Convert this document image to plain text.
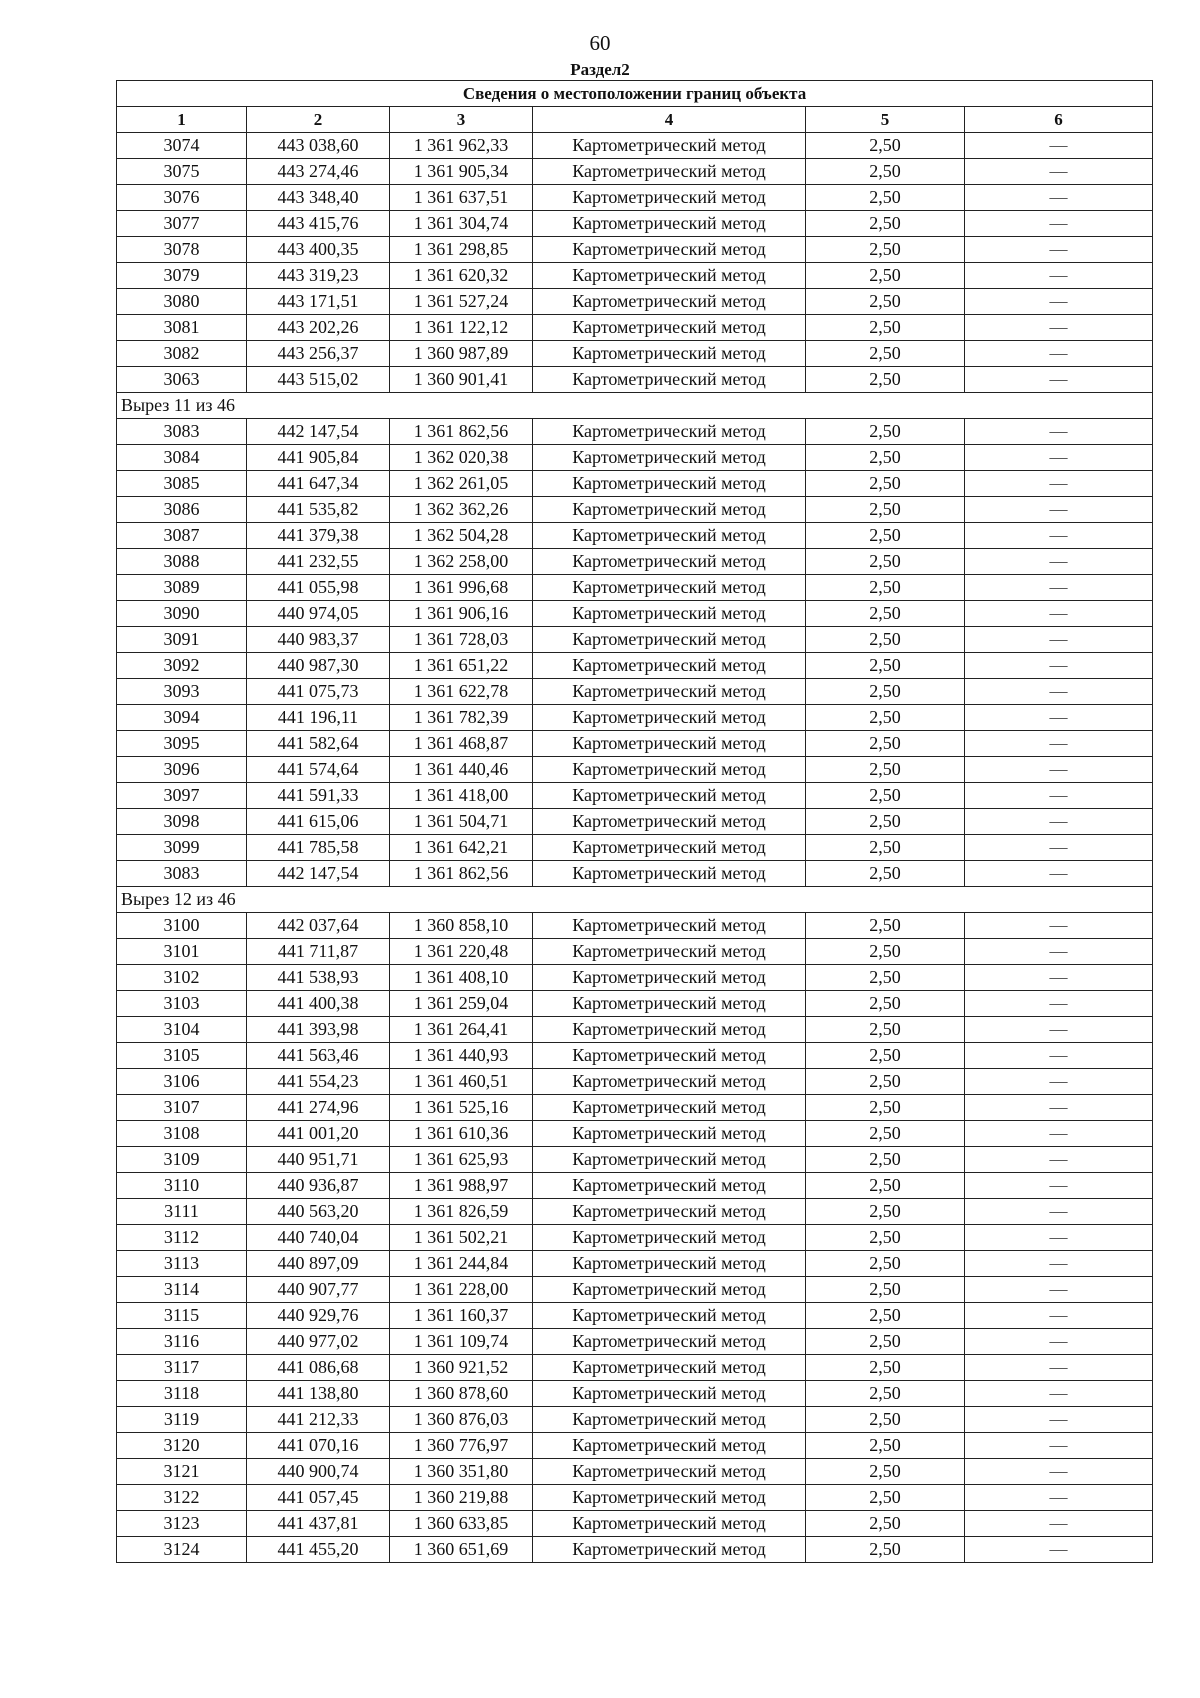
60
Раздел2
Сведения о местоположении границ объекта					
1	2	3	4	5	6
3074	443 038,60	1 361 962,33	Картометрический метод	2,50	—
3075	443 274,46	1 361 905,34	Картометрический метод	2,50	—
3076	443 348,40	1 361 637,51	Картометрический метод	2,50	—
3077	443 415,76	1 361 304,74	Картометрический метод	2,50	—
3078	443 400,35	1 361 298,85	Картометрический метод	2,50	—
3079	443 319,23	1 361 620,32	Картометрический метод	2,50	—
3080	443 171,51	1 361 527,24	Картометрический метод	2,50	—
3081	443 202,26	1 361 122,12	Картометрический метод	2,50	—
3082	443 256,37	1 360 987,89	Картометрический метод	2,50	—
3063	443 515,02	1 360 901,41	Картометрический метод	2,50	—
Вырез 11 из 46					
3083	442 147,54	1 361 862,56	Картометрический метод	2,50	—
3084	441 905,84	1 362 020,38	Картометрический метод	2,50	—
3085	441 647,34	1 362 261,05	Картометрический метод	2,50	—
3086	441 535,82	1 362 362,26	Картометрический метод	2,50	—
3087	441 379,38	1 362 504,28	Картометрический метод	2,50	—
3088	441 232,55	1 362 258,00	Картометрический метод	2,50	—
3089	441 055,98	1 361 996,68	Картометрический метод	2,50	—
3090	440 974,05	1 361 906,16	Картометрический метод	2,50	—
3091	440 983,37	1 361 728,03	Картометрический метод	2,50	—
3092	440 987,30	1 361 651,22	Картометрический метод	2,50	—
3093	441 075,73	1 361 622,78	Картометрический метод	2,50	—
3094	441 196,11	1 361 782,39	Картометрический метод	2,50	—
3095	441 582,64	1 361 468,87	Картометрический метод	2,50	—
3096	441 574,64	1 361 440,46	Картометрический метод	2,50	—
3097	441 591,33	1 361 418,00	Картометрический метод	2,50	—
3098	441 615,06	1 361 504,71	Картометрический метод	2,50	—
3099	441 785,58	1 361 642,21	Картометрический метод	2,50	—
3083	442 147,54	1 361 862,56	Картометрический метод	2,50	—
Вырез 12 из 46					
3100	442 037,64	1 360 858,10	Картометрический метод	2,50	—
3101	441 711,87	1 361 220,48	Картометрический метод	2,50	—
3102	441 538,93	1 361 408,10	Картометрический метод	2,50	—
3103	441 400,38	1 361 259,04	Картометрический метод	2,50	—
3104	441 393,98	1 361 264,41	Картометрический метод	2,50	—
3105	441 563,46	1 361 440,93	Картометрический метод	2,50	—
3106	441 554,23	1 361 460,51	Картометрический метод	2,50	—
3107	441 274,96	1 361 525,16	Картометрический метод	2,50	—
3108	441 001,20	1 361 610,36	Картометрический метод	2,50	—
3109	440 951,71	1 361 625,93	Картометрический метод	2,50	—
3110	440 936,87	1 361 988,97	Картометрический метод	2,50	—
3111	440 563,20	1 361 826,59	Картометрический метод	2,50	—
3112	440 740,04	1 361 502,21	Картометрический метод	2,50	—
3113	440 897,09	1 361 244,84	Картометрический метод	2,50	—
3114	440 907,77	1 361 228,00	Картометрический метод	2,50	—
3115	440 929,76	1 361 160,37	Картометрический метод	2,50	—
3116	440 977,02	1 361 109,74	Картометрический метод	2,50	—
3117	441 086,68	1 360 921,52	Картометрический метод	2,50	—
3118	441 138,80	1 360 878,60	Картометрический метод	2,50	—
3119	441 212,33	1 360 876,03	Картометрический метод	2,50	—
3120	441 070,16	1 360 776,97	Картометрический метод	2,50	—
3121	440 900,74	1 360 351,80	Картометрический метод	2,50	—
3122	441 057,45	1 360 219,88	Картометрический метод	2,50	—
3123	441 437,81	1 360 633,85	Картометрический метод	2,50	—
3124	441 455,20	1 360 651,69	Картометрический метод	2,50	—
